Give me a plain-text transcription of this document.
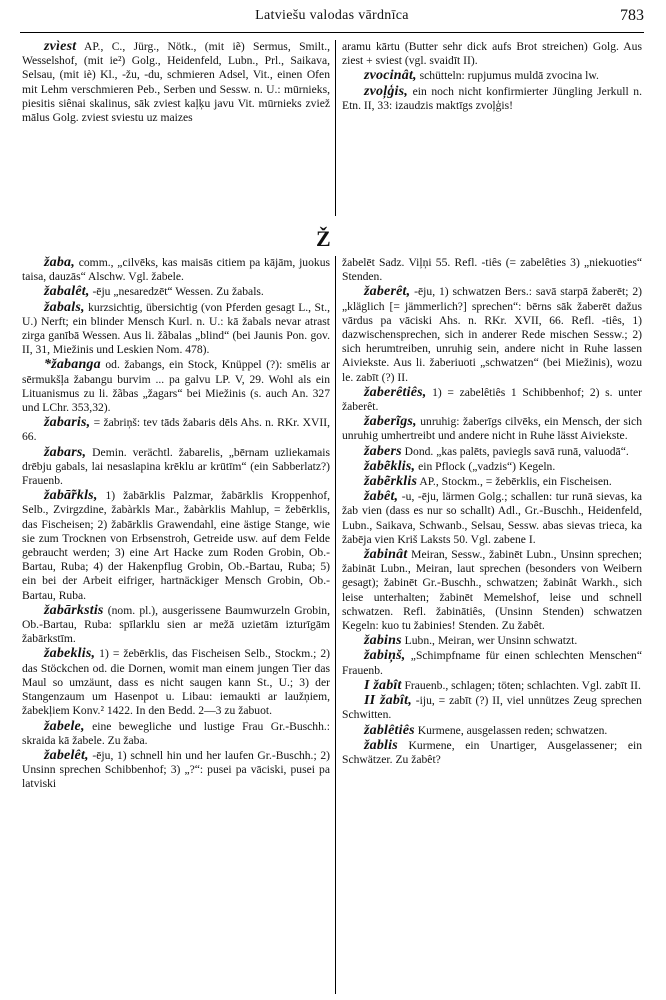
Latviešu valodas vārdnīca	783

zvìest AP., C., Jürg., Nötk., (mit iẽ) Sermus, Smilt., Wesselshof, (mit ie²) Golg., Heidenfeld, Lubn., Prl., Saikava, Selsau, (mit iè) Kl., -žu, -du, schmieren Adsel, Vit., einen Ofen mit Lehm verschmieren Peb., Serben und Sessw. n. U.: mūrnieks, piesitis siênai skalinus, sāk zviest kaļķu javu Vit. mūrnieks zviež mālus Golg. zviest sviestu uz maizes

aramu kārtu (Butter sehr dick aufs Brot streichen) Golg. Aus ziest + sviest (vgl. svaidīt II).

zvocinât, schütteln: rupjumus muldā zvocina lw.

zvoļģis, ein noch nicht konfirmierter Jüngling Jerkull n. Etn. II, 33: izaudzis maktīgs zvoļģis!

Ž

žaba, comm., „cilvēks, kas maisās citiem pa kājām, juokus taisa, dauzās“ Alschw. Vgl. žabele.

žabalêt, -ēju „nesaredzēt“ Wessen. Zu žabals.

žabals, kurzsichtig, übersichtig (von Pferden gesagt L., St., U.) Nerft; ein blinder Mensch Kurl. n. U.: kā žabals nevar atrast zirga ganībā Wessen. Aus li. žãbalas „blind“ (bei Jaunis Pon. gov. II, 31, Miežinis und Leskien Nom. 478).

*žabanga od. žabangs, ein Stock, Knüppel (?): smēlis ar sērmukšļa žabangu burvim ... pa galvu LP. V, 29. Wohl als ein Lituanismus zu li. žãbas „žagars“ bei Miežinis (s. auch An. 327 und LChr. 353,32).

žabaris, = žabriņš: tev tāds žabaris dēls Ahs. n. RKr. XVII, 66.

žabars, Demin. verächtl. žabarelis, „bērnam uzliekamais drēbju gabals, lai nesaslapina krēklu ar krūtīm“ (ein Sabberlatz?) Frauenb.

žabā̃rkls, 1) žabārklis Palzmar, žabārklis Kroppenhof, Selb., Zvirgzdine, žabàrkls Mar., žabàrklis Mahlup, = žebērklis, das Fischeisen; 2) žabārklis Grawendahl, eine ästige Stange, wie sie zum Trocknen von Erbsenstroh, Getreide usw. auf dem Felde gebraucht werden; 3) eine Art Hacke zum Roden Grobin, Ob.-Bartau, Ruba; 4) der Hakenpflug Grobin, Ob.-Bartau, Ruba; 5) ein bei der Arbeit eifriger, hartnäckiger Mensch Grobin, Ob.-Bartau, Ruba.

žabārkstis (nom. pl.), ausgerissene Baumwurzeln Grobin, Ob.-Bartau, Ruba: spīlarklu sien ar mežā uzietām izturīgām žabārkstīm.

žabeklis, 1) = žebērklis, das Fischeisen Selb., Stockm.; 2) das Stöckchen od. die Dornen, womit man einem jungen Tier das Maul so umzäunt, dass es nicht saugen kann St., U.; 3) der Stangenzaum um Hasenpot u. Libau: iemaukti ar laužņiem, žabekļiem Konv.² 1422. In den Bedd. 2—3 zu žabuot.

žabele, eine bewegliche und lustige Frau Gr.-Buschh.: skraida kā žabele. Zu žaba.

žabelêt, -ēju, 1) schnell hin und her laufen Gr.-Buschh.; 2) Unsinn sprechen Schibbenhof; 3) „?“: pusei pa vāciski, pusei pa latviski

žabelēt Sadz. Viļņi 55. Refl. -tiês (= zabelêties 3) „niekuoties“ Stenden.

žaberêt, -ēju, 1) schwatzen Bers.: savā starpā žaberēt; 2) „kläglich [= jämmerlich?] sprechen“: bērns sāk žaberēt dažus vārdus pa vāciski Ahs. n. RKr. XVII, 66. Refl. -tiês, 1) dazwischensprechen, sich in anderer Rede mischen Sessw.; 2) sich herumtreiben, unruhig sein, andere nicht in Ruhe lassen Aiviekste. Aus li. žaberiuoti „schwatzen“ (bei Miežinis), wozu le. zabīt (?) II.

žaberêtiês, 1) = zabelêtiês 1 Schibbenhof; 2) s. unter žaberêt.

žaberĩgs, unruhig: žaberīgs cilvēks, ein Mensch, der sich unruhig umhertreibt und andere nicht in Ruhe lässt Aiviekste.

žabers Dond. „kas palēts, paviegls savā runā, valuodā“.

žabẽklis, ein Pflock („vadzis“) Kegeln.

žabẽrklis AP., Stockm., = žebērklis, ein Fischeisen.

žabêt, -u, -ēju, lärmen Golg.; schallen: tur runā sievas, ka žab vien (dass es nur so schallt) Adl., Gr.-Buschh., Heidenfeld, Lubn., Saikava, Schwanb., Selsau, Sessw. abas sievas trieca, ka žabēja vien Kriš Laksts 50. Vgl. zabene I.

žabinât Meiran, Sessw., žabinēt Lubn., Unsinn sprechen; žabināt Lubn., Meiran, laut sprechen (besonders von Weibern gesagt); žabinēt Gr.-Buschh., schwatzen; žabinât Warkh., sich leise unterhalten; žabinēt Memelshof, leise und schnell schwatzen. Refl. žabinātiês, (Unsinn Stenden) schwatzen Kegeln: kuo tu žabinies! Stenden. Zu žabêt.

žabins Lubn., Meiran, wer Unsinn schwatzt.

žabiņš, „Schimpfname für einen schlechten Menschen“ Frauenb.

I žabît Frauenb., schlagen; töten; schlachten. Vgl. zabīt II.

II žabît, -iju, = zabīt (?) II, viel unnützes Zeug sprechen Schwitten.

žablêtiês Kurmene, ausgelassen reden; schwatzen.

žablis Kurmene, ein Unartiger, Ausgelassener; ein Schwätzer. Zu žabêt?
